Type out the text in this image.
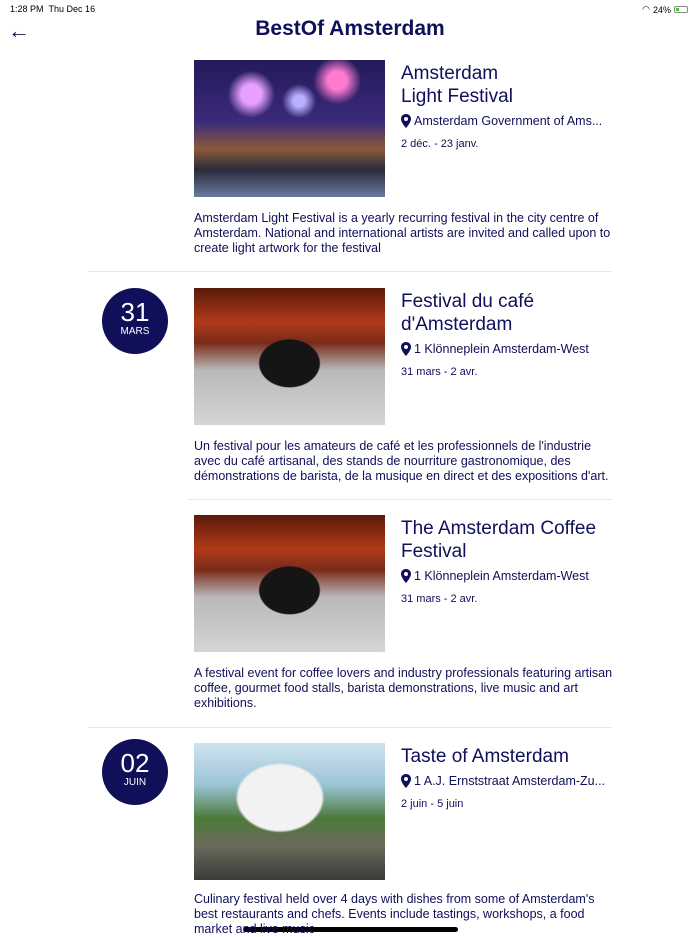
1:28 PM Thu Dec 16	◠ 24%
←	BestOf Amsterdam
Amsterdam
Light Festival
Amsterdam Government of Ams...
2 déc. - 23 janv.
Amsterdam Light Festival is a yearly recurring festival in the city centre of Amsterdam. National and international artists are invited and called upon to create light artwork for the festival
31
MARS
Festival du café d'Amsterdam
1 Klönneplein Amsterdam-West
31 mars - 2 avr.
Un festival pour les amateurs de café et les professionnels de l'industrie avec du café artisanal, des stands de nourriture gastronomique, des démonstrations de barista, de la musique en direct et des expositions d'art.
The Amsterdam Coffee Festival
1 Klönneplein Amsterdam-West
31 mars - 2 avr.
A festival event for coffee lovers and industry professionals featuring artisan coffee, gourmet food stalls, barista demonstrations, live music and art exhibitions.
02
JUIN
Taste of Amsterdam
1 A.J. Ernststraat Amsterdam-Zu...
2 juin - 5 juin
Culinary festival held over 4 days with dishes from some of Amsterdam's best restaurants and chefs. Events include tastings, workshops, a food market and live music
